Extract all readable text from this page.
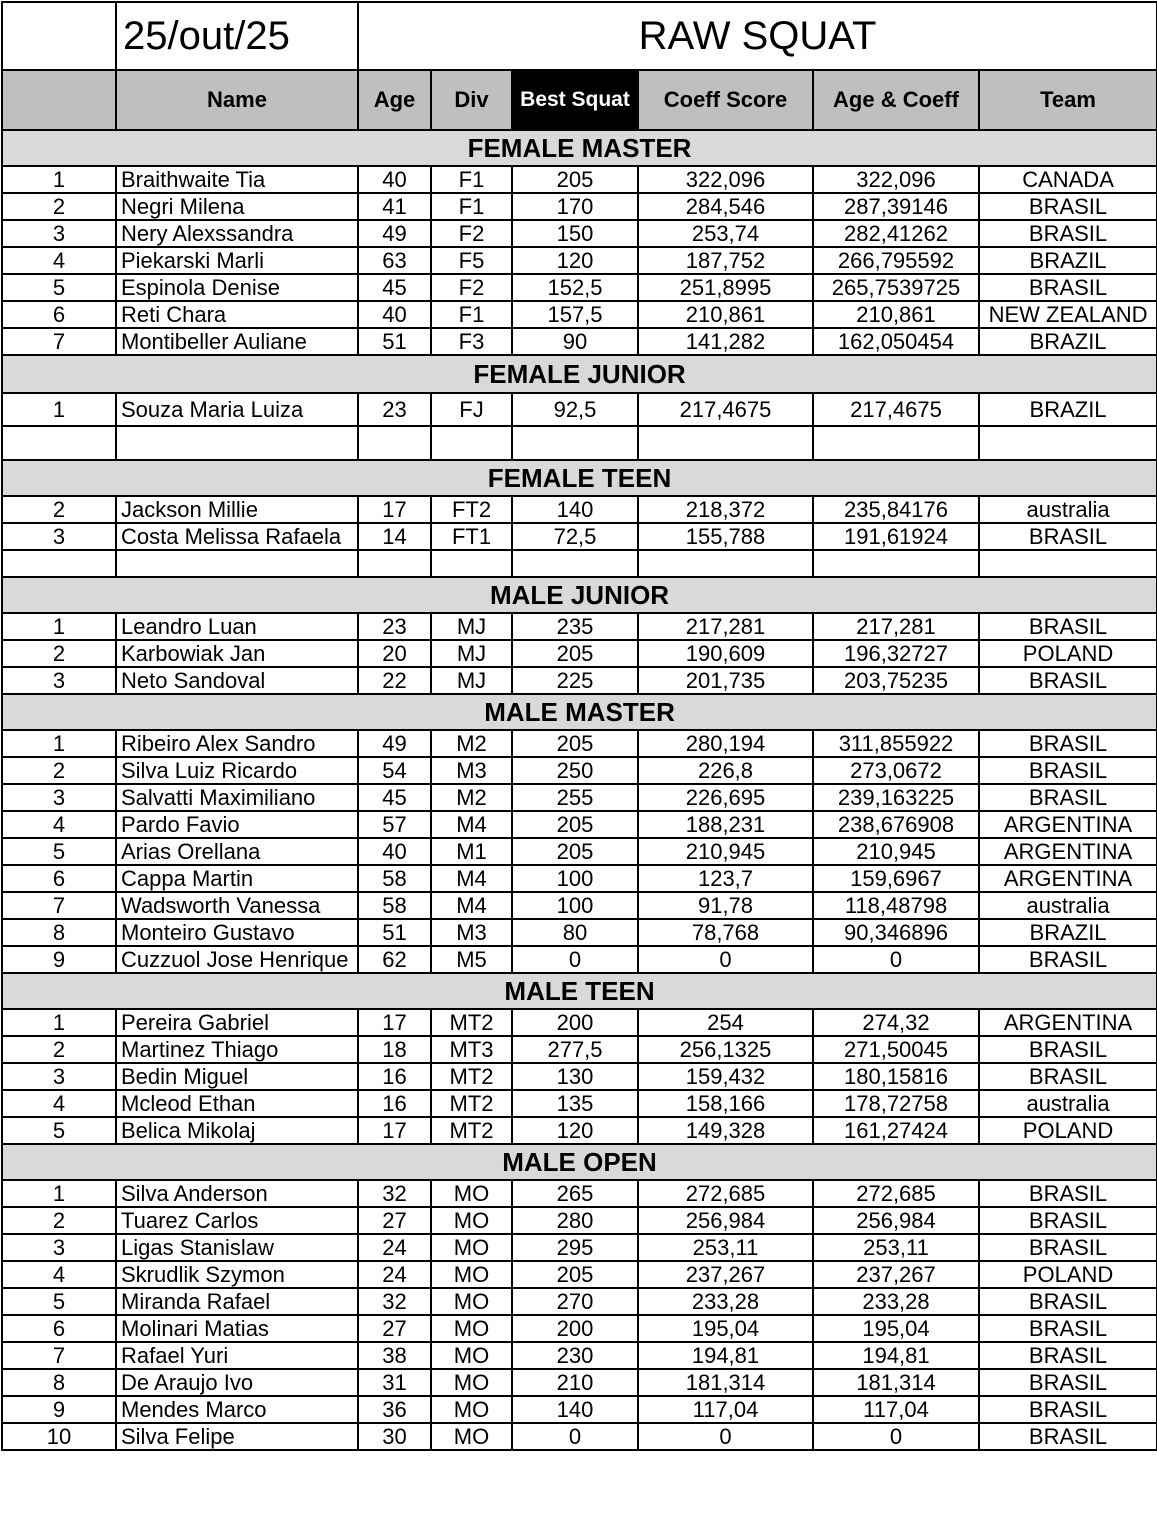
	25/out/25	RAW SQUAT					
	Name	Age	Div	Best Squat	Coeff Score	Age & Coeff	Team
FEMALE MASTER							
1	Braithwaite Tia	40	F1	205	322,096	322,096	CANADA
2	Negri Milena	41	F1	170	284,546	287,39146	BRASIL
3	Nery Alexssandra	49	F2	150	253,74	282,41262	BRASIL
4	Piekarski Marli	63	F5	120	187,752	266,795592	BRAZIL
5	Espinola Denise	45	F2	152,5	251,8995	265,7539725	BRASIL
6	Reti Chara	40	F1	157,5	210,861	210,861	NEW ZEALAND
7	Montibeller Auliane	51	F3	90	141,282	162,050454	BRAZIL
FEMALE JUNIOR							
1	Souza Maria Luiza	23	FJ	92,5	217,4675	217,4675	BRAZIL

FEMALE TEEN							
2	Jackson Millie	17	FT2	140	218,372	235,84176	australia
3	Costa Melissa Rafaela	14	FT1	72,5	155,788	191,61924	BRASIL

MALE JUNIOR							
1	Leandro Luan	23	MJ	235	217,281	217,281	BRASIL
2	Karbowiak Jan	20	MJ	205	190,609	196,32727	POLAND
3	Neto Sandoval	22	MJ	225	201,735	203,75235	BRASIL
MALE MASTER							
1	Ribeiro Alex Sandro	49	M2	205	280,194	311,855922	BRASIL
2	Silva Luiz Ricardo	54	M3	250	226,8	273,0672	BRASIL
3	Salvatti Maximiliano	45	M2	255	226,695	239,163225	BRASIL
4	Pardo Favio	57	M4	205	188,231	238,676908	ARGENTINA
5	Arias Orellana	40	M1	205	210,945	210,945	ARGENTINA
6	Cappa Martin	58	M4	100	123,7	159,6967	ARGENTINA
7	Wadsworth Vanessa	58	M4	100	91,78	118,48798	australia
8	Monteiro Gustavo	51	M3	80	78,768	90,346896	BRAZIL
9	Cuzzuol Jose Henrique	62	M5	0	0	0	BRASIL
MALE TEEN							
1	Pereira Gabriel	17	MT2	200	254	274,32	ARGENTINA
2	Martinez Thiago	18	MT3	277,5	256,1325	271,50045	BRASIL
3	Bedin Miguel	16	MT2	130	159,432	180,15816	BRASIL
4	Mcleod Ethan	16	MT2	135	158,166	178,72758	australia
5	Belica Mikolaj	17	MT2	120	149,328	161,27424	POLAND
MALE OPEN							
1	Silva Anderson	32	MO	265	272,685	272,685	BRASIL
2	Tuarez Carlos	27	MO	280	256,984	256,984	BRASIL
3	Ligas Stanislaw	24	MO	295	253,11	253,11	BRASIL
4	Skrudlik Szymon	24	MO	205	237,267	237,267	POLAND
5	Miranda Rafael	32	MO	270	233,28	233,28	BRASIL
6	Molinari Matias	27	MO	200	195,04	195,04	BRASIL
7	Rafael Yuri	38	MO	230	194,81	194,81	BRASIL
8	De Araujo Ivo	31	MO	210	181,314	181,314	BRASIL
9	Mendes Marco	36	MO	140	117,04	117,04	BRASIL
10	Silva Felipe	30	MO	0	0	0	BRASIL
